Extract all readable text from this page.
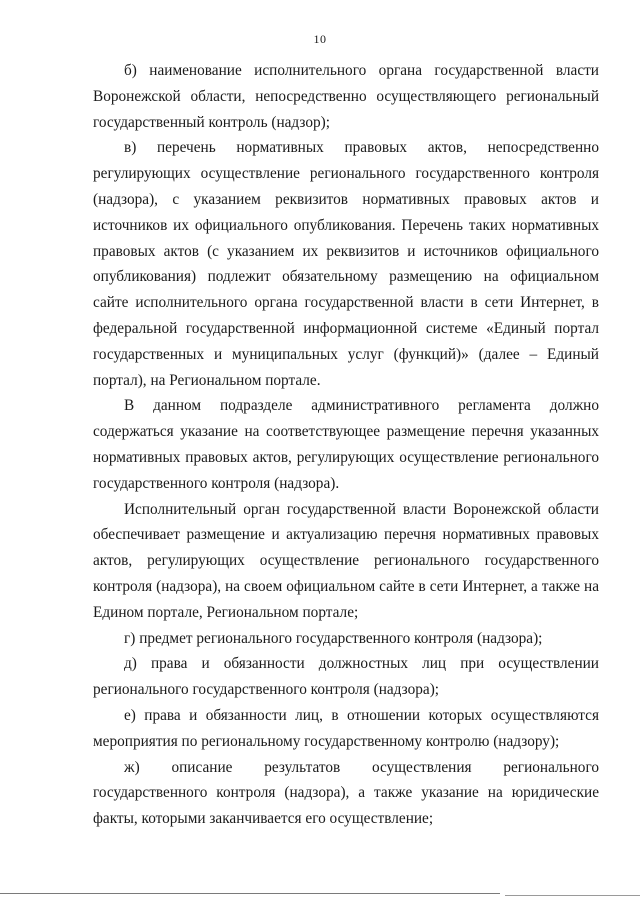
10

б) наименование исполнительного органа государственной власти Воронежской области, непосредственно осуществляющего региональный государственный контроль (надзор);

в) перечень нормативных правовых актов, непосредственно регулирующих осуществление регионального государственного контроля (надзора), с указанием реквизитов нормативных правовых актов и источников их официального опубликования. Перечень таких нормативных правовых актов (с указанием их реквизитов и источников официального опубликования) подлежит обязательному размещению на официальном сайте исполнительного органа государственной власти в сети Интернет, в федеральной государственной информационной системе «Единый портал государственных и муниципальных услуг (функций)» (далее – Единый портал), на Региональном портале.

В данном подразделе административного регламента должно содержаться указание на соответствующее размещение перечня указанных нормативных правовых актов, регулирующих осуществление регионального государственного контроля (надзора).

Исполнительный орган государственной власти Воронежской области обеспечивает размещение и актуализацию перечня нормативных правовых актов, регулирующих осуществление регионального государственного контроля (надзора), на своем официальном сайте в сети Интернет, а также на Едином портале, Региональном портале;

г) предмет регионального государственного контроля (надзора);

д) права и обязанности должностных лиц при осуществлении регионального государственного контроля (надзора);

е) права и обязанности лиц, в отношении которых осуществляются мероприятия по региональному государственному контролю (надзору);

ж) описание результатов осуществления регионального государственного контроля (надзора), а также указание на юридические факты, которыми заканчивается его осуществление;
